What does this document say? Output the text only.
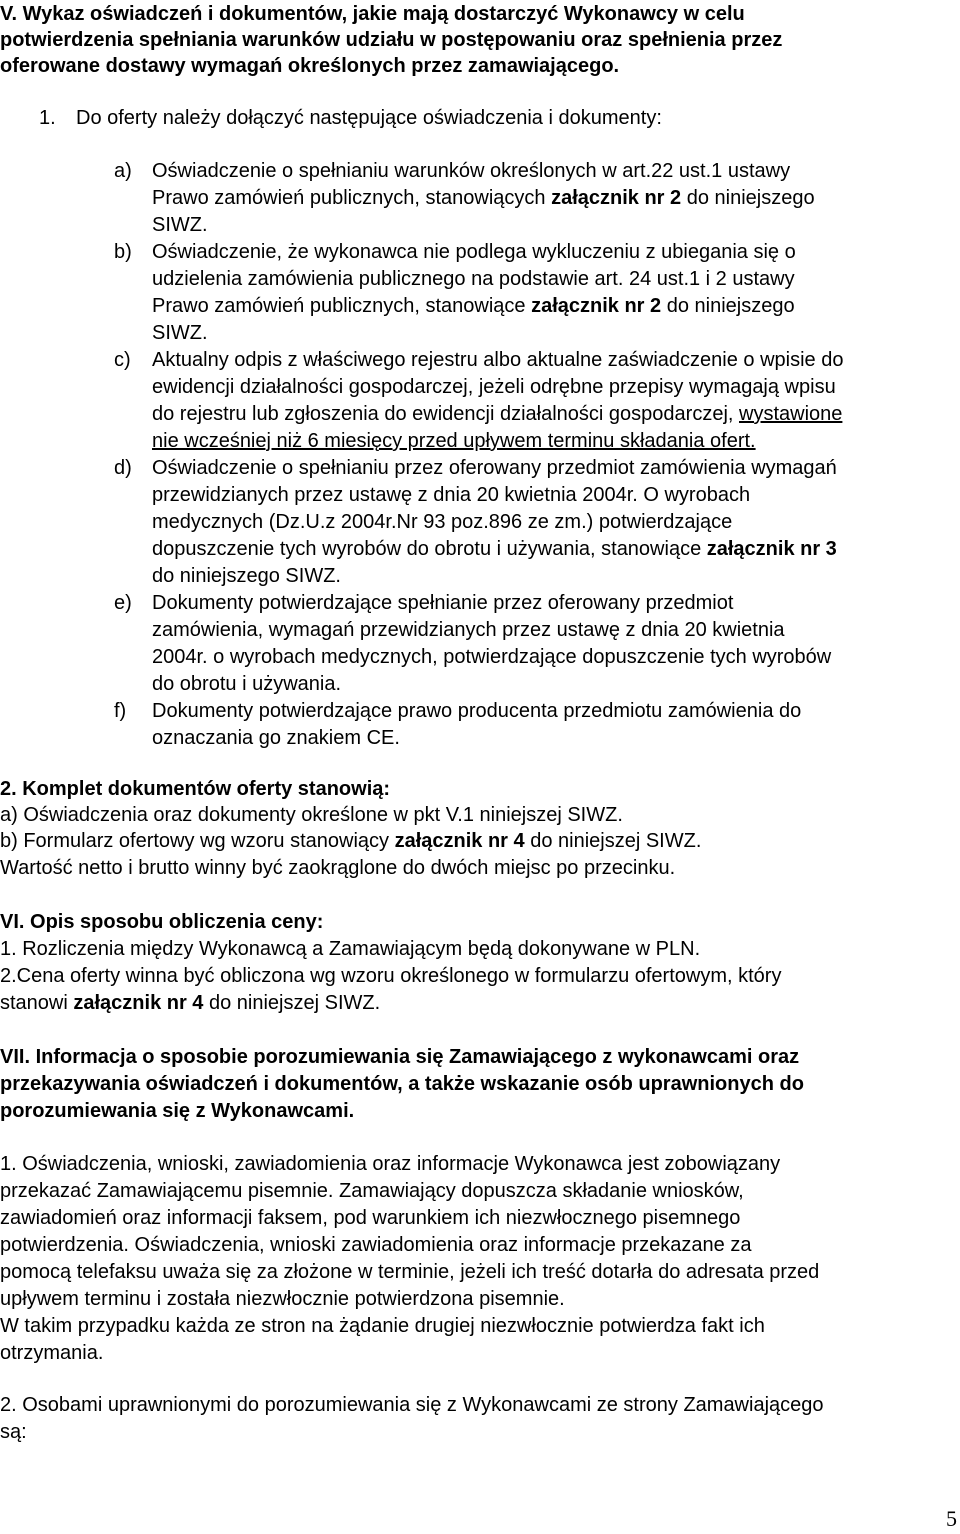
V. Wykaz oświadczeń i dokumentów, jakie mają dostarczyć Wykonawcy w celu
potwierdzenia spełniania warunków udziału w postępowaniu oraz spełnienia przez
oferowane dostawy wymagań określonych przez zamawiającego.
1. Do oferty należy dołączyć następujące oświadczenia i dokumenty:
a) Oświadczenie o spełnianiu warunków określonych w art.22 ust.1 ustawy
Prawo zamówień publicznych, stanowiących załącznik nr 2 do niniejszego
SIWZ.
b) Oświadczenie, że wykonawca nie podlega wykluczeniu z ubiegania się o
udzielenia zamówienia publicznego na podstawie art. 24 ust.1 i 2 ustawy
Prawo zamówień publicznych, stanowiące załącznik nr 2 do niniejszego
SIWZ.
c) Aktualny odpis z właściwego rejestru albo aktualne zaświadczenie o wpisie do
ewidencji działalności gospodarczej, jeżeli odrębne przepisy wymagają wpisu
do rejestru lub zgłoszenia do ewidencji działalności gospodarczej, wystawione
nie wcześniej niż 6 miesięcy przed upływem terminu składania ofert.
d) Oświadczenie o spełnianiu przez oferowany przedmiot zamówienia wymagań
przewidzianych przez ustawę z dnia 20 kwietnia 2004r. O wyrobach
medycznych (Dz.U.z 2004r.Nr 93 poz.896 ze zm.) potwierdzające
dopuszczenie tych wyrobów do obrotu i używania, stanowiące załącznik nr 3
do niniejszego SIWZ.
e) Dokumenty potwierdzające spełnianie przez oferowany przedmiot
zamówienia, wymagań przewidzianych przez ustawę z dnia 20 kwietnia
2004r. o wyrobach medycznych, potwierdzające dopuszczenie tych wyrobów
do obrotu i używania.
f) Dokumenty potwierdzające prawo producenta przedmiotu zamówienia do
oznaczania go znakiem CE.
2. Komplet dokumentów oferty stanowią:
a) Oświadczenia oraz dokumenty określone w pkt V.1 niniejszej SIWZ.
b) Formularz ofertowy wg wzoru stanowiący załącznik nr 4 do niniejszej SIWZ.
Wartość netto i brutto winny być zaokrąglone do dwóch miejsc po przecinku.
VI. Opis sposobu obliczenia ceny:
1. Rozliczenia między Wykonawcą a Zamawiającym będą dokonywane w PLN.
2.Cena oferty winna być obliczona wg wzoru określonego w formularzu ofertowym, który
stanowi załącznik nr 4 do niniejszej SIWZ.
VII. Informacja o sposobie porozumiewania się Zamawiającego z wykonawcami oraz
przekazywania oświadczeń i dokumentów, a także wskazanie osób uprawnionych do
porozumiewania się z Wykonawcami.
1. Oświadczenia, wnioski, zawiadomienia oraz informacje Wykonawca jest zobowiązany
przekazać Zamawiającemu pisemnie. Zamawiający dopuszcza składanie wniosków,
zawiadomień oraz informacji faksem, pod warunkiem ich niezwłocznego pisemnego
potwierdzenia. Oświadczenia, wnioski zawiadomienia oraz informacje przekazane za
pomocą telefaksu uważa się za złożone w terminie, jeżeli ich treść dotarła do adresata przed
upływem terminu i została niezwłocznie potwierdzona pisemnie.
W takim przypadku każda ze stron na żądanie drugiej niezwłocznie potwierdza fakt ich
otrzymania.
2. Osobami uprawnionymi do porozumiewania się z Wykonawcami ze strony Zamawiającego
są:
5
